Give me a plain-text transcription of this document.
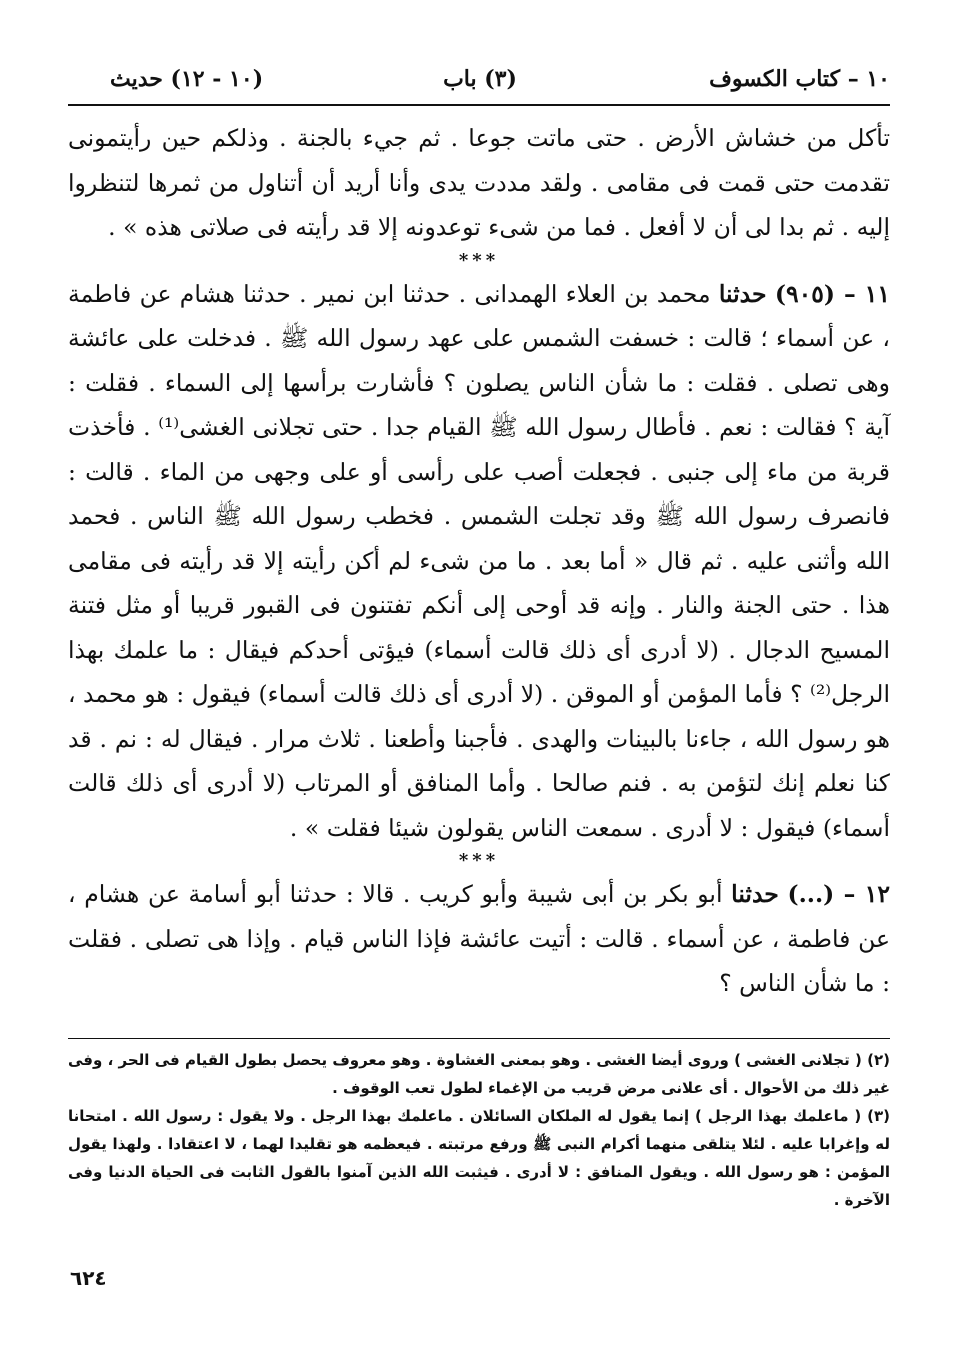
١٠ – كتاب الكسوف
(٣) باب
(١٠ - ١٢) حديث

تأكل من خشاش الأرض . حتى ماتت جوعا . ثم جيء بالجنة . وذلكم حين رأيتمونى تقدمت حتى قمت فى مقامى . ولقد مددت يدى وأنا أريد أن أتناول من ثمرها لتنظروا إليه . ثم بدا لى أن لا أفعل . فما من شىء توعدونه إلا قد رأيته فى صلاتى هذه » .

***

١١ – (٩٠٥) حدثنا محمد بن العلاء الهمدانى . حدثنا ابن نمير . حدثنا هشام عن فاطمة ، عن أسماء ؛ قالت : خسفت الشمس على عهد رسول الله ﷺ . فدخلت على عائشة وهى تصلى . فقلت : ما شأن الناس يصلون ؟ فأشارت برأسها إلى السماء . فقلت : آية ؟ فقالت : نعم . فأطال رسول الله ﷺ القيام جدا . حتى تجلانى الغشى⁽¹⁾ . فأخذت قربة من ماء إلى جنبى . فجعلت أصب على رأسى أو على وجهى من الماء . قالت : فانصرف رسول الله ﷺ وقد تجلت الشمس . فخطب رسول الله ﷺ الناس . فحمد الله وأثنى عليه . ثم قال « أما بعد . ما من شىء لم أكن رأيته إلا قد رأيته فى مقامى هذا . حتى الجنة والنار . وإنه قد أوحى إلى أنكم تفتنون فى القبور قريبا أو مثل فتنة المسيح الدجال . (لا أدرى أى ذلك قالت أسماء) فيؤتى أحدكم فيقال : ما علمك بهذا الرجل⁽²⁾ ؟ فأما المؤمن أو الموقن . (لا أدرى أى ذلك قالت أسماء) فيقول : هو محمد ، هو رسول الله ، جاءنا بالبينات والهدى . فأجبنا وأطعنا . ثلاث مرار . فيقال له : نم . قد كنا نعلم إنك لتؤمن به . فنم صالحا . وأما المنافق أو المرتاب (لا أدرى أى ذلك قالت أسماء) فيقول : لا أدرى . سمعت الناس يقولون شيئا فقلت » .

***

١٢ – (...) حدثنا أبو بكر بن أبى شيبة وأبو كريب . قالا : حدثنا أبو أسامة عن هشام ، عن فاطمة ، عن أسماء . قالت : أتيت عائشة فإذا الناس قيام . وإذا هى تصلى . فقلت : ما شأن الناس ؟

(٢) ( تجلانى الغشى ) وروى أيضا الغشى . وهو بمعنى الغشاوة . وهو معروف يحصل بطول القيام فى الحر ، وفى غير ذلك من الأحوال . أى علانى مرض قريب من الإغماء لطول تعب الوقوف .

(٣) ( ماعلمك بهذا الرجل ) إنما يقول له الملكان السائلان . ماعلمك بهذا الرجل . ولا يقول : رسول الله . امتحانا له وإغرابا عليه . لئلا يتلقى منهما أكرام النبى ﷺ ورفع مرتبته . فيعظمه هو تقليدا لهما ، لا اعتقادا . ولهذا يقول المؤمن : هو رسول الله . ويقول المنافق : لا أدرى . فيثبت الله الذين آمنوا بالقول الثابت فى الحياة الدنيا وفى الآخرة .

٦٢٤
